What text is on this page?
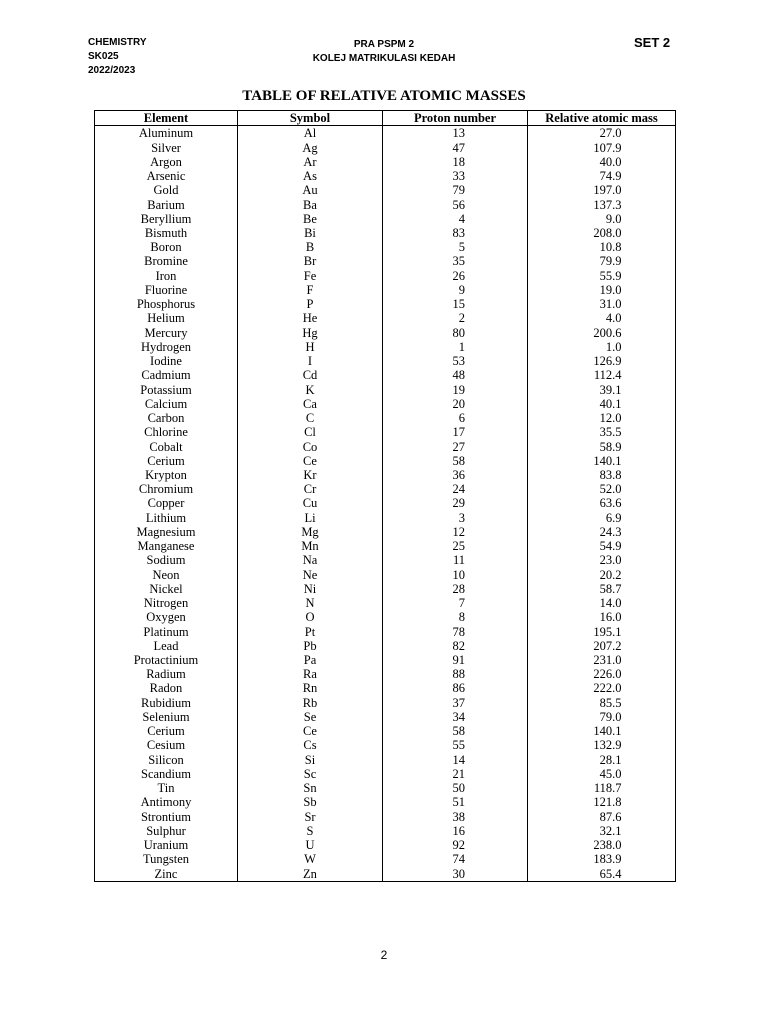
CHEMISTRY
SK025
2022/2023
PRA PSPM 2
KOLEJ MATRIKULASI KEDAH
SET 2
TABLE OF RELATIVE ATOMIC MASSES
Element	Symbol	Proton number	Relative atomic mass
Aluminum	Al	13	27.0
Silver	Ag	47	107.9
Argon	Ar	18	40.0
Arsenic	As	33	74.9
Gold	Au	79	197.0
Barium	Ba	56	137.3
Beryllium	Be	4	9.0
Bismuth	Bi	83	208.0
Boron	B	5	10.8
Bromine	Br	35	79.9
Iron	Fe	26	55.9
Fluorine	F	9	19.0
Phosphorus	P	15	31.0
Helium	He	2	4.0
Mercury	Hg	80	200.6
Hydrogen	H	1	1.0
Iodine	I	53	126.9
Cadmium	Cd	48	112.4
Potassium	K	19	39.1
Calcium	Ca	20	40.1
Carbon	C	6	12.0
Chlorine	Cl	17	35.5
Cobalt	Co	27	58.9
Cerium	Ce	58	140.1
Krypton	Kr	36	83.8
Chromium	Cr	24	52.0
Copper	Cu	29	63.6
Lithium	Li	3	6.9
Magnesium	Mg	12	24.3
Manganese	Mn	25	54.9
Sodium	Na	11	23.0
Neon	Ne	10	20.2
Nickel	Ni	28	58.7
Nitrogen	N	7	14.0
Oxygen	O	8	16.0
Platinum	Pt	78	195.1
Lead	Pb	82	207.2
Protactinium	Pa	91	231.0
Radium	Ra	88	226.0
Radon	Rn	86	222.0
Rubidium	Rb	37	85.5
Selenium	Se	34	79.0
Cerium	Ce	58	140.1
Cesium	Cs	55	132.9
Silicon	Si	14	28.1
Scandium	Sc	21	45.0
Tin	Sn	50	118.7
Antimony	Sb	51	121.8
Strontium	Sr	38	87.6
Sulphur	S	16	32.1
Uranium	U	92	238.0
Tungsten	W	74	183.9
Zinc	Zn	30	65.4
2
